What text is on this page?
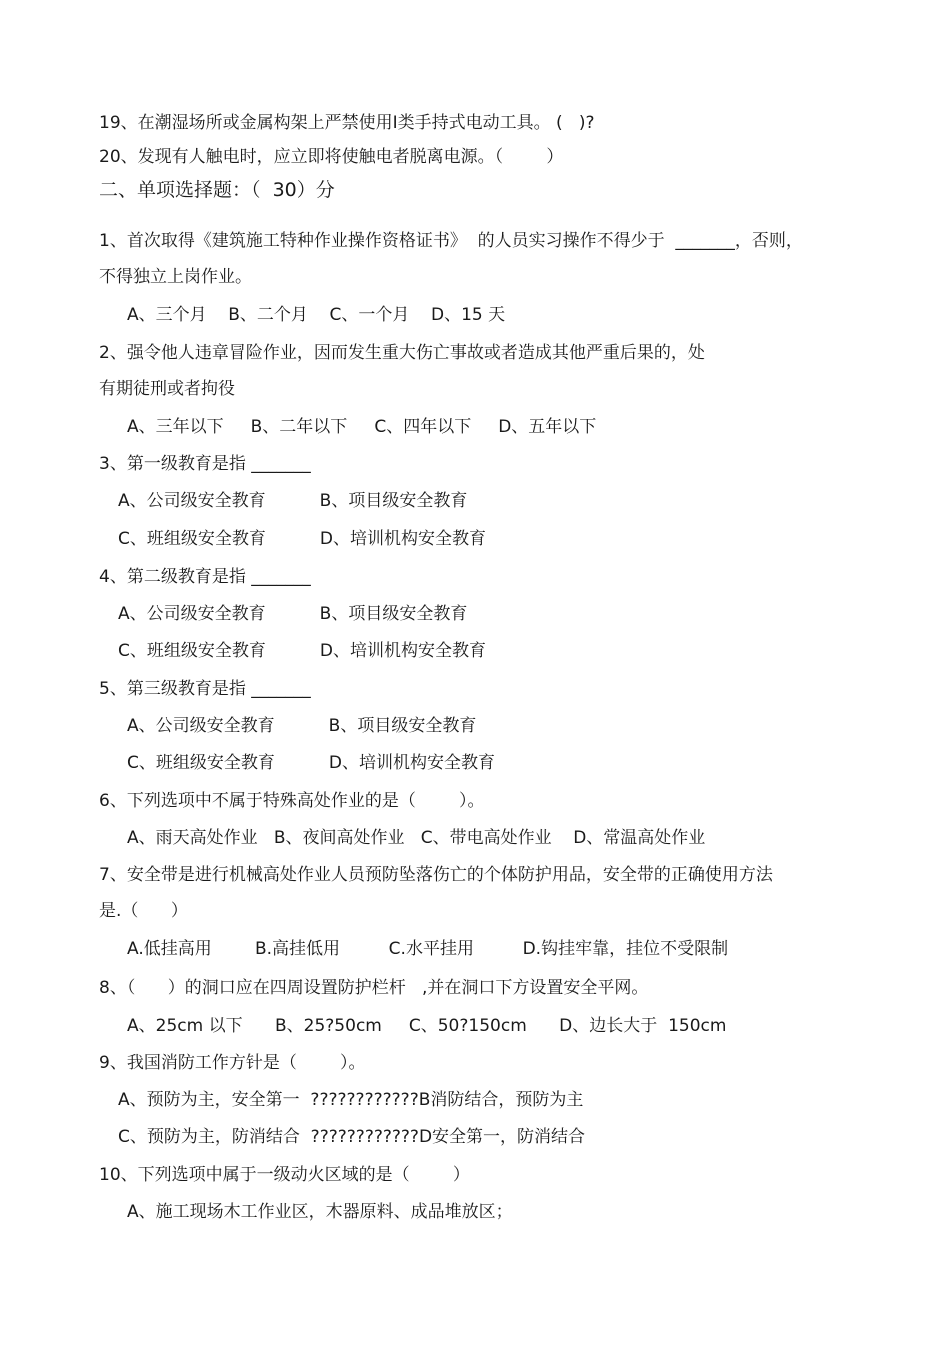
19、在潮湿场所或金属构架上严禁使用Ⅰ类手持式电动工具。 (   )?
20、发现有人触电时，应立即将使触电者脱离电源。（        ）
二、单项选择题：（  30）分
1、首次取得《建筑施工特种作业操作资格证书》  的人员实习操作不得少于  _______，否则，
不得独立上岗作业。
A、三个月    B、二个月    C、一个月    D、15 天
2、强令他人违章冒险作业，因而发生重大伤亡事故或者造成其他严重后果的，处
有期徒刑或者拘役
A、三年以下     B、二年以下     C、四年以下     D、五年以下
3、第一级教育是指 _______
A、公司级安全教育          B、项目级安全教育
C、班组级安全教育          D、培训机构安全教育
4、第二级教育是指 _______
A、公司级安全教育          B、项目级安全教育
C、班组级安全教育          D、培训机构安全教育
5、第三级教育是指 _______
A、公司级安全教育          B、项目级安全教育
C、班组级安全教育          D、培训机构安全教育
6、下列选项中不属于特殊高处作业的是（        ）。
A、雨天高处作业   B、夜间高处作业   C、带电高处作业    D、常温高处作业
7、安全带是进行机械高处作业人员预防坠落伤亡的个体防护用品，安全带的正确使用方法
是.（      ）
A.低挂高用        B.高挂低用         C.水平挂用         D.钩挂牢靠，挂位不受限制
8、（      ）的洞口应在四周设置防护栏杆   ,并在洞口下方设置安全平网。
A、25cm 以下      B、25?50cm     C、50?150cm      D、边长大于  150cm
9、我国消防工作方针是（        ）。
A、预防为主，安全第一  ????????????B消防结合，预防为主
C、预防为主，防消结合  ????????????D安全第一，防消结合
10、下列选项中属于一级动火区域的是（        ）
A、施工现场木工作业区，木器原料、成品堆放区；
